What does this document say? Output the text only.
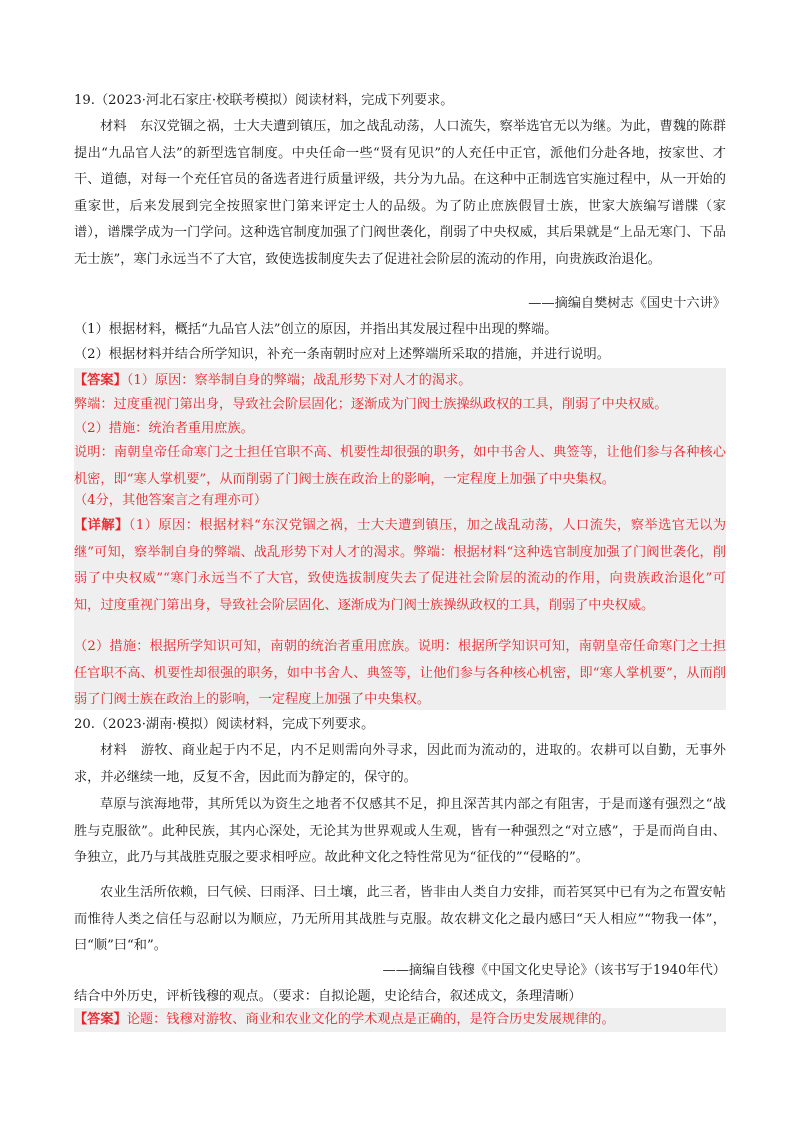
19.（2023·河北石家庄·校联考模拟）阅读材料，完成下列要求。

材料　东汉党锢之祸，士大夫遭到镇压，加之战乱动荡，人口流失，察举选官无以为继。为此，曹魏的陈群提出“九品官人法”的新型选官制度。中央任命一些“贤有见识”的人充任中正官，派他们分赴各地，按家世、才干、道德，对每一个充任官员的备选者进行质量评级，共分为九品。在这种中正制选官实施过程中，从一开始的重家世，后来发展到完全按照家世门第来评定士人的品级。为了防止庶族假冒士族，世家大族编写谱牒（家谱），谱牒学成为一门学问。这种选官制度加强了门阀世袭化，削弱了中央权威，其后果就是“上品无寒门、下品无士族”，寒门永远当不了大官，致使选拔制度失去了促进社会阶层的流动的作用，向贵族政治退化。

——摘编自樊树志《国史十六讲》

（1）根据材料，概括“九品官人法”创立的原因，并指出其发展过程中出现的弊端。

（2）根据材料并结合所学知识，补充一条南朝时应对上述弊端所采取的措施，并进行说明。

【答案】（1）原因：察举制自身的弊端；战乱形势下对人才的渴求。

弊端：过度重视门第出身，导致社会阶层固化；逐渐成为门阀士族操纵政权的工具，削弱了中央权威。

（2）措施：统治者重用庶族。

说明：南朝皇帝任命寒门之士担任官职不高、机要性却很强的职务，如中书舍人、典签等，让他们参与各种核心机密，即“寒人掌机要”，从而削弱了门阀士族在政治上的影响，一定程度上加强了中央集权。

（4分，其他答案言之有理亦可）

【详解】（1）原因：根据材料“东汉党锢之祸，士大夫遭到镇压，加之战乱动荡，人口流失，察举选官无以为继”可知，察举制自身的弊端、战乱形势下对人才的渴求。弊端：根据材料“这种选官制度加强了门阀世袭化，削弱了中央权威”“寒门永远当不了大官，致使选拔制度失去了促进社会阶层的流动的作用，向贵族政治退化”可知，过度重视门第出身，导致社会阶层固化、逐渐成为门阀士族操纵政权的工具，削弱了中央权威。

（2）措施：根据所学知识可知，南朝的统治者重用庶族。说明：根据所学知识可知，南朝皇帝任命寒门之士担任官职不高、机要性却很强的职务，如中书舍人、典签等，让他们参与各种核心机密，即“寒人掌机要”，从而削弱了门阀士族在政治上的影响，一定程度上加强了中央集权。

20.（2023·湖南·模拟）阅读材料，完成下列要求。

材料　游牧、商业起于内不足，内不足则需向外寻求，因此而为流动的，进取的。农耕可以自勤，无事外求，并必继续一地，反复不舍，因此而为静定的，保守的。

草原与滨海地带，其所凭以为资生之地者不仅感其不足，抑且深苦其内部之有阻害，于是而遂有强烈之“战胜与克服欲”。此种民族，其内心深处，无论其为世界观或人生观，皆有一种强烈之“对立感”，于是而尚自由、争独立，此乃与其战胜克服之要求相呼应。故此种文化之特性常见为“征伐的”“侵略的”。

农业生活所依赖，曰气候、曰雨泽、曰土壤，此三者，皆非由人类自力安排，而若冥冥中已有为之布置安帖而惟待人类之信任与忍耐以为顺应，乃无所用其战胜与克服。故农耕文化之最内感曰“天人相应”“物我一体”，曰“顺”曰“和”。

——摘编自钱穆《中国文化史导论》（该书写于1940年代）

结合中外历史，评析钱穆的观点。（要求：自拟论题，史论结合，叙述成文，条理清晰）

【答案】论题：钱穆对游牧、商业和农业文化的学术观点是正确的，是符合历史发展规律的。
